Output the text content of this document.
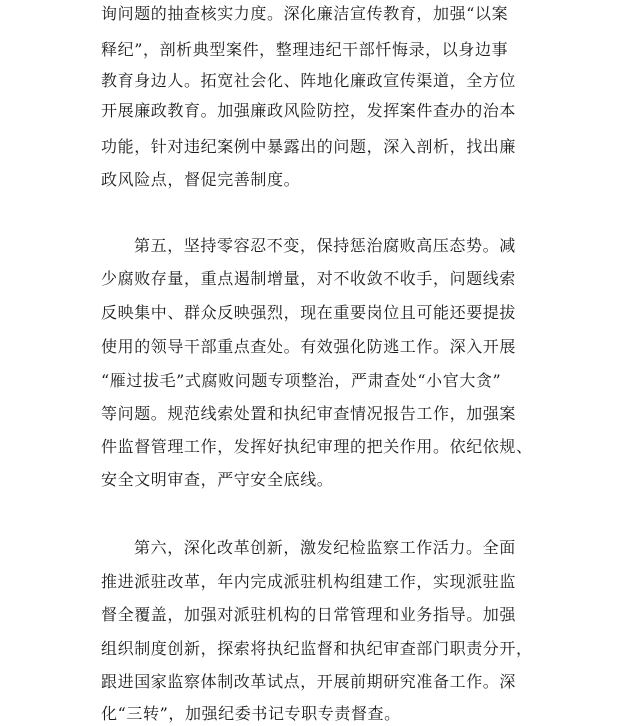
询问题的抽查核实力度。深化廉洁宣传教育，加强“以案
释纪”，剖析典型案件，整理违纪干部忏悔录，以身边事
教育身边人。拓宽社会化、阵地化廉政宣传渠道，全方位
开展廉政教育。加强廉政风险防控，发挥案件查办的治本
功能，针对违纪案例中暴露出的问题，深入剖析，找出廉
政风险点，督促完善制度。
第五，坚持零容忍不变，保持惩治腐败高压态势。减
少腐败存量，重点遏制增量，对不收敛不收手，问题线索
反映集中、群众反映强烈，现在重要岗位且可能还要提拔
使用的领导干部重点查处。有效强化防逃工作。深入开展
“雁过拔毛”式腐败问题专项整治，严肃查处“小官大贪”
等问题。规范线索处置和执纪审查情况报告工作，加强案
件监督管理工作，发挥好执纪审理的把关作用。依纪依规、
安全文明审查，严守安全底线。
第六，深化改革创新，激发纪检监察工作活力。全面
推进派驻改革，年内完成派驻机构组建工作，实现派驻监
督全覆盖，加强对派驻机构的日常管理和业务指导。加强
组织制度创新，探索将执纪监督和执纪审查部门职责分开，
跟进国家监察体制改革试点，开展前期研究准备工作。深
化“三转”，加强纪委书记专职专责督查。
